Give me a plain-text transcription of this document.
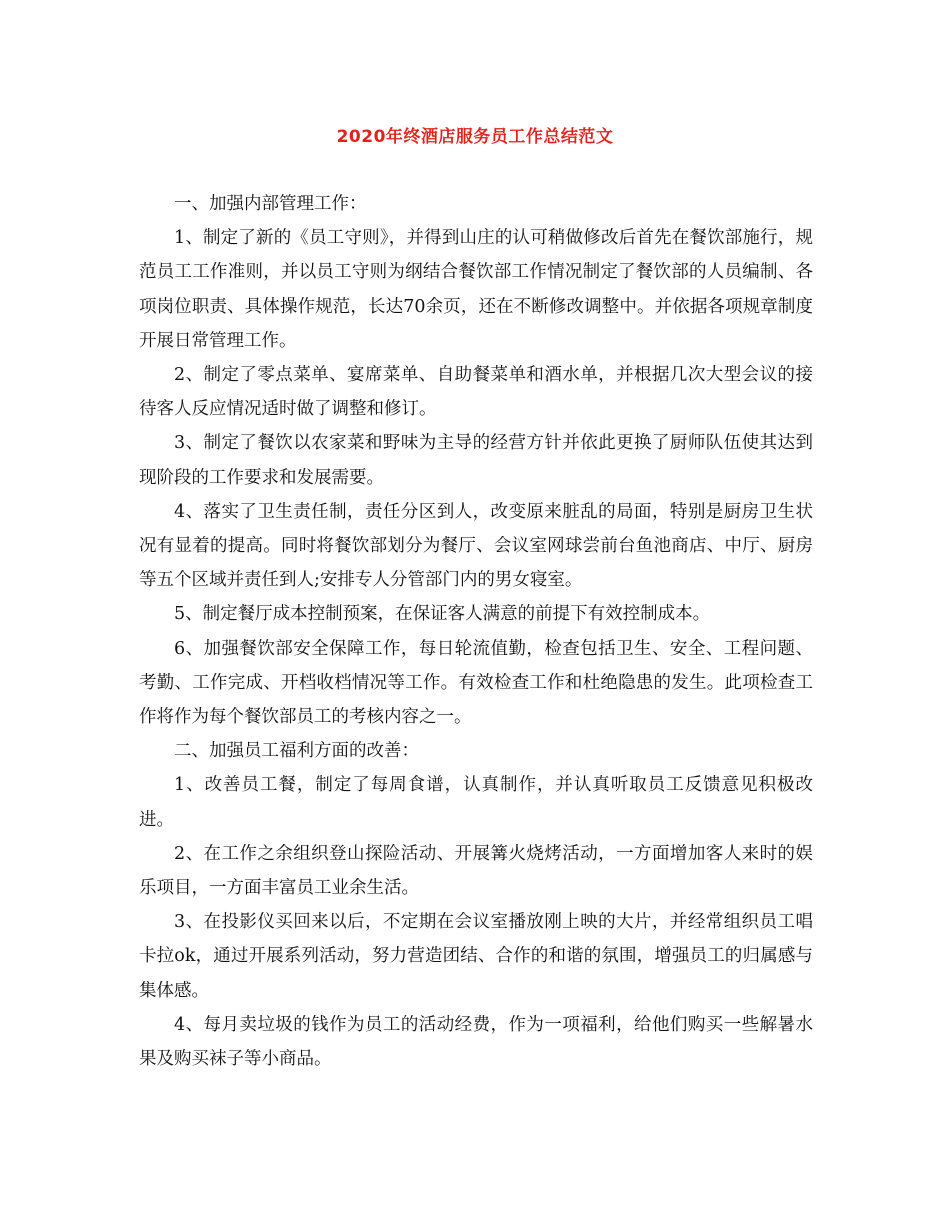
2020年终酒店服务员工作总结范文

一、加强内部管理工作：

1、制定了新的《员工守则》，并得到山庄的认可稍做修改后首先在餐饮部施行，规范员工工作准则，并以员工守则为纲结合餐饮部工作情况制定了餐饮部的人员编制、各项岗位职责、具体操作规范，长达70余页，还在不断修改调整中。并依据各项规章制度开展日常管理工作。

2、制定了零点菜单、宴席菜单、自助餐菜单和酒水单，并根据几次大型会议的接待客人反应情况适时做了调整和修订。

3、制定了餐饮以农家菜和野味为主导的经营方针并依此更换了厨师队伍使其达到现阶段的工作要求和发展需要。

4、落实了卫生责任制，责任分区到人，改变原来脏乱的局面，特别是厨房卫生状况有显着的提高。同时将餐饮部划分为餐厅、会议室网球尝前台鱼池商店、中厅、厨房等五个区域并责任到人;安排专人分管部门内的男女寝室。

5、制定餐厅成本控制预案，在保证客人满意的前提下有效控制成本。

6、加强餐饮部安全保障工作，每日轮流值勤，检查包括卫生、安全、工程问题、考勤、工作完成、开档收档情况等工作。有效检查工作和杜绝隐患的发生。此项检查工作将作为每个餐饮部员工的考核内容之一。

二、加强员工福利方面的改善：

1、改善员工餐，制定了每周食谱，认真制作，并认真听取员工反馈意见积极改进。

2、在工作之余组织登山探险活动、开展篝火烧烤活动，一方面增加客人来时的娱乐项目，一方面丰富员工业余生活。

3、在投影仪买回来以后，不定期在会议室播放刚上映的大片，并经常组织员工唱卡拉ok，通过开展系列活动，努力营造团结、合作的和谐的氛围，增强员工的归属感与集体感。

4、每月卖垃圾的钱作为员工的活动经费，作为一项福利，给他们购买一些解暑水果及购买袜子等小商品。
